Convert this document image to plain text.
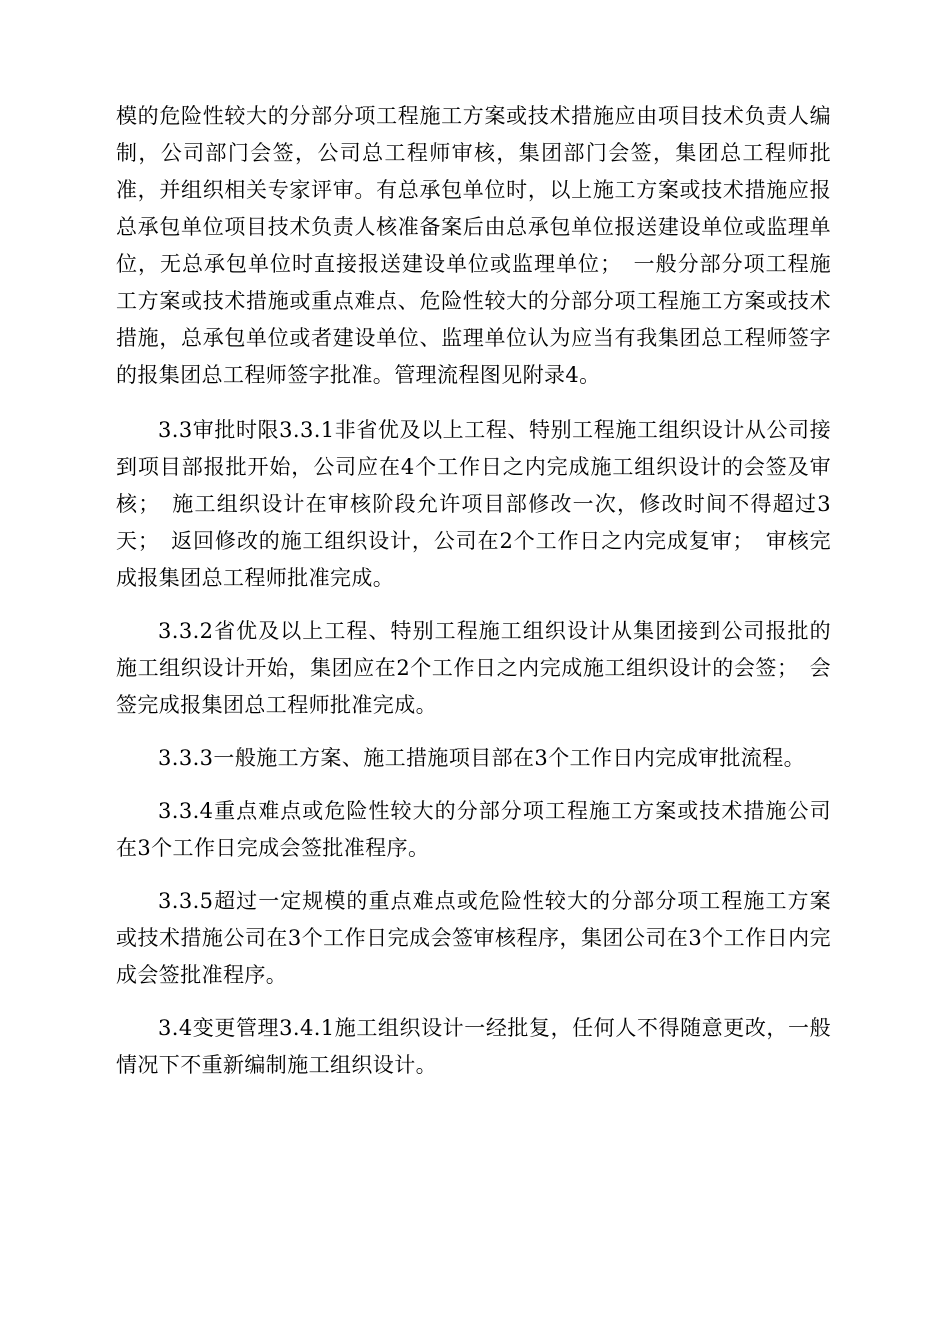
模的危险性较大的分部分项工程施工方案或技术措施应由项目技术负责人编制，公司部门会签，公司总工程师审核，集团部门会签，集团总工程师批准，并组织相关专家评审。有总承包单位时，以上施工方案或技术措施应报总承包单位项目技术负责人核准备案后由总承包单位报送建设单位或监理单位，无总承包单位时直接报送建设单位或监理单位；　一般分部分项工程施工方案或技术措施或重点难点、危险性较大的分部分项工程施工方案或技术措施，总承包单位或者建设单位、监理单位认为应当有我集团总工程师签字的报集团总工程师签字批准。管理流程图见附录4。

3.3审批时限3.3.1非省优及以上工程、特别工程施工组织设计从公司接到项目部报批开始，公司应在4个工作日之内完成施工组织设计的会签及审核；　施工组织设计在审核阶段允许项目部修改一次，修改时间不得超过3天；　返回修改的施工组织设计，公司在2个工作日之内完成复审；　审核完成报集团总工程师批准完成。

3.3.2省优及以上工程、特别工程施工组织设计从集团接到公司报批的施工组织设计开始，集团应在2个工作日之内完成施工组织设计的会签；　会签完成报集团总工程师批准完成。

3.3.3一般施工方案、施工措施项目部在3个工作日内完成审批流程。

3.3.4重点难点或危险性较大的分部分项工程施工方案或技术措施公司在3个工作日完成会签批准程序。

3.3.5超过一定规模的重点难点或危险性较大的分部分项工程施工方案或技术措施公司在3个工作日完成会签审核程序，集团公司在3个工作日内完成会签批准程序。

3.4变更管理3.4.1施工组织设计一经批复，任何人不得随意更改，一般情况下不重新编制施工组织设计。
